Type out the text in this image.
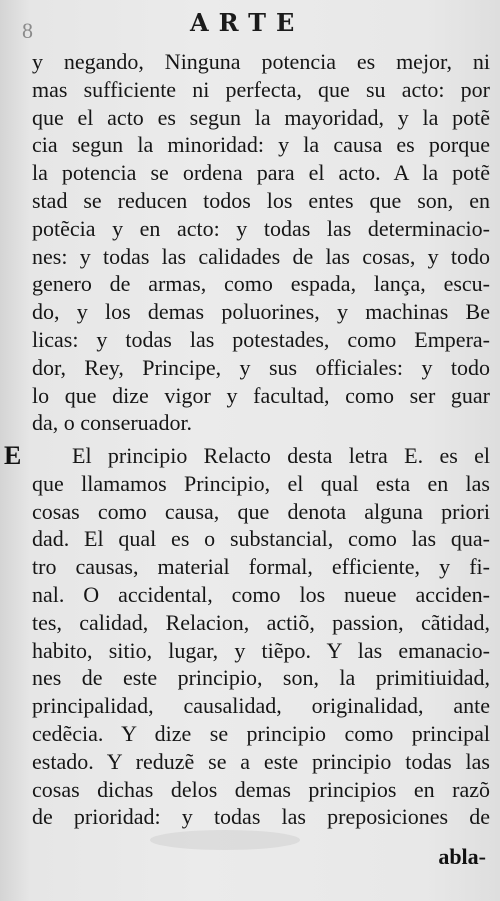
8	ARTE
y negando, Ninguna potencia es mejor, ni
mas sufficiente ni perfecta, que su acto: por
que el acto es segun la mayoridad, y la potẽ
cia segun la minoridad: y la causa es porque
la potencia se ordena para el acto. A la potẽ
stad se reducen todos los entes que son, en
potẽcia y en acto: y todas las determinacio-
nes: y todas las calidades de las cosas, y todo
genero de armas, como espada, lança, escu-
do, y los demas poluorines, y machinas Be
licas: y todas las potestades, como Empera-
dor, Rey, Principe, y sus officiales: y todo
lo que dize vigor y facultad, como ser guar
da, o conseruador.
E	El principio Relacto desta letra E. es el
que llamamos Principio, el qual esta en las
cosas como causa, que denota alguna priori
dad. El qual es o substancial, como las qua-
tro causas, material formal, efficiente, y fi-
nal. O accidental, como los nueue acciden-
tes, calidad, Relacion, actiõ, passion, cãtidad,
habito, sitio, lugar, y tiẽpo. Y las emanacio-
nes de este principio, son, la primitiuidad,
principalidad, causalidad, originalidad, ante
cedẽcia. Y dize se principio como principal
estado. Y reduzẽ se a este principio todas las
cosas dichas delos demas principios en razõ
de prioridad: y todas las preposiciones de
abla-
